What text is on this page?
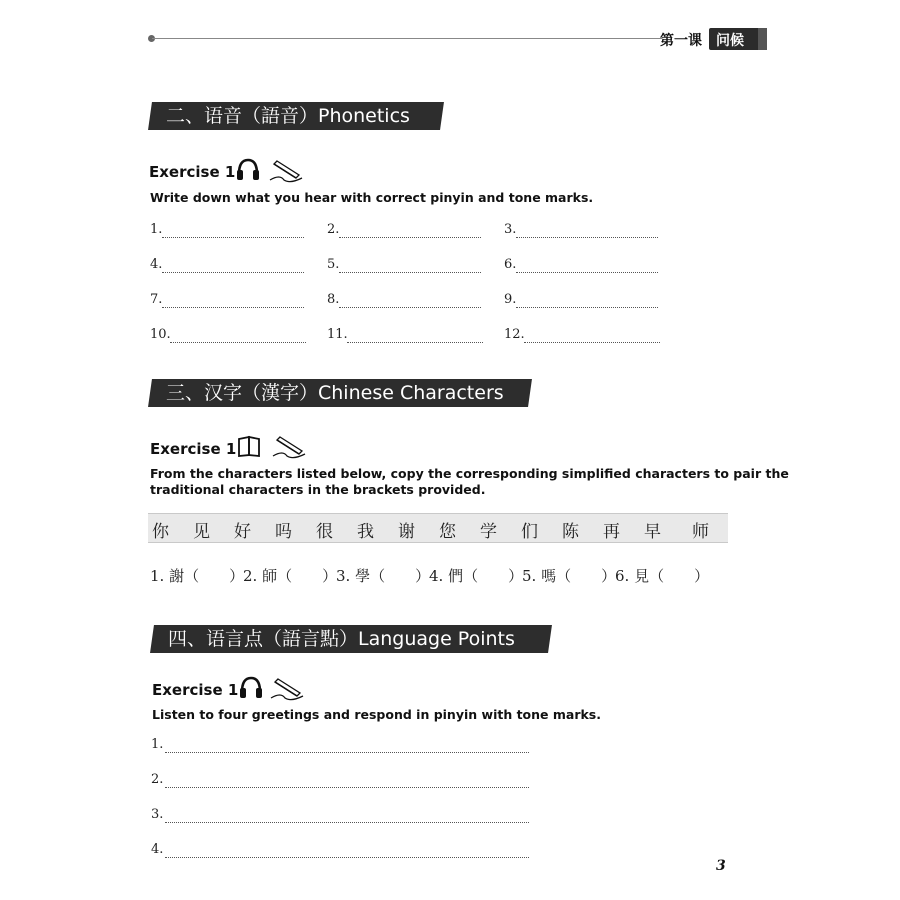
第一课 问候
二、语音（語音）Phonetics
Exercise 1
Write down what you hear with correct pinyin and tone marks.
1.	2.	3.
4.	5.	6.
7.	8.	9.
10.	11.	12.
三、汉字（漢字）Chinese Characters
Exercise 1
From the characters listed below, copy the corresponding simplified characters to pair the
traditional characters in the brackets provided.
你 见 好 吗 很 我 谢 您 学 们 陈 再 早 师
1. 謝（　　）
2. 師（　　）
3. 學（　　）
4. 們（　　）
5. 嗎（　　）
6. 見（　　）
四、语言点（語言點）Language Points
Exercise 1
Listen to four greetings and respond in pinyin with tone marks.
1.
2.
3.
4.
3
